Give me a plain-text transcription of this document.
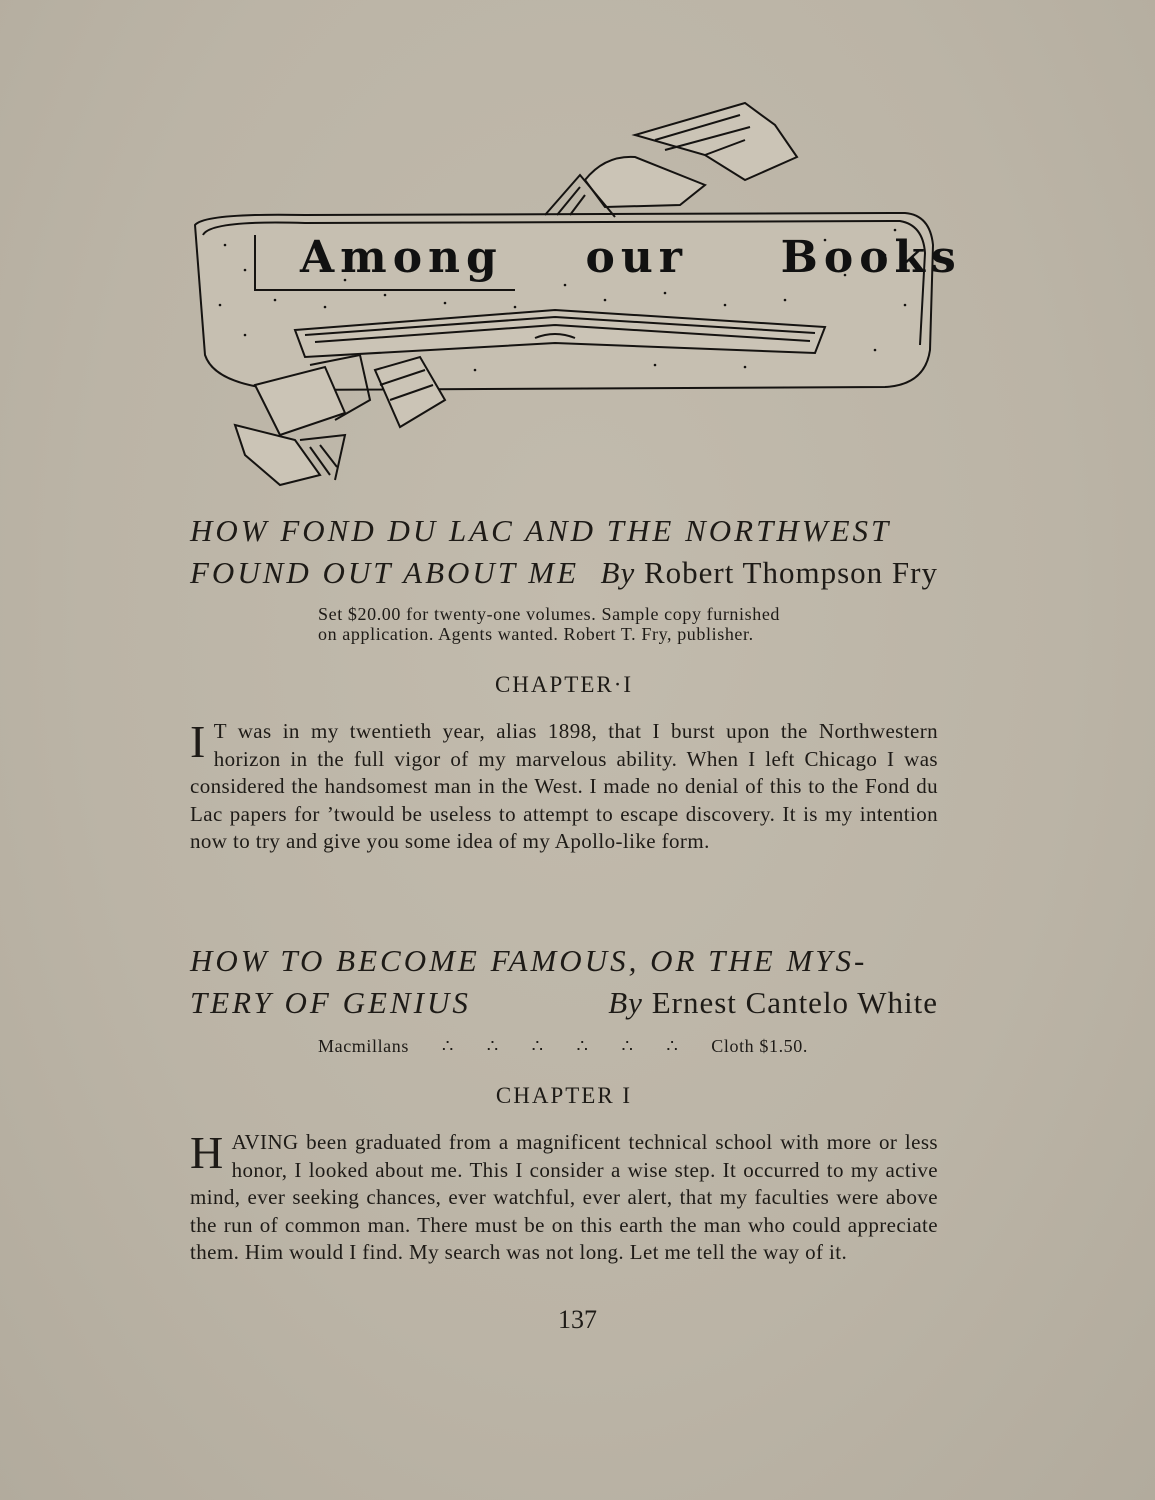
Among our Books
HOW FOND DU LAC AND THE NORTHWEST
FOUND OUT ABOUT ME By Robert Thompson Fry
Set $20.00 for twenty-one volumes. Sample copy furnished
on application. Agents wanted. Robert T. Fry, publisher.
CHAPTER·I

I T was in my twentieth year, alias 1898, that I burst upon the Northwestern horizon in the full vigor of my marvelous ability. When I left Chicago I was considered the handsomest man in the West. I made no denial of this to the Fond du Lac papers for ’twould be useless to attempt to escape discovery. It is my intention now to try and give you some idea of my Apollo-like form.

HOW TO BECOME FAMOUS, OR THE MYS-
TERY OF GENIUS	By Ernest Cantelo White
Macmillans ∴ ∴ ∴ ∴ ∴ ∴ Cloth $1.50.
CHAPTER I

HAVING been graduated from a magnificent technical school with more or less honor, I looked about me. This I consider a wise step. It occurred to my active mind, ever seeking chances, ever watchful, ever alert, that my faculties were above the run of common man. There must be on this earth the man who could appreciate them. Him would I find. My search was not long. Let me tell the way of it.

137
